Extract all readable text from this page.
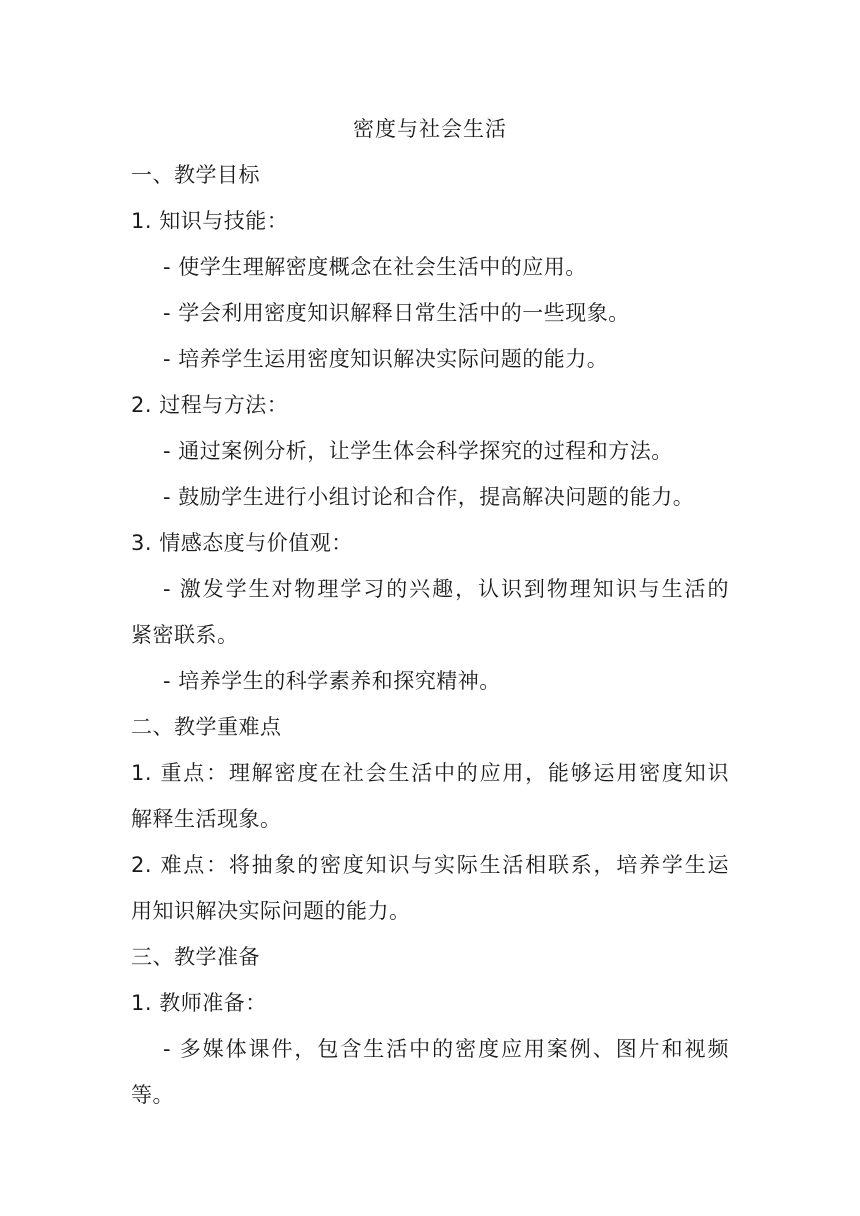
密度与社会生活
一、教学目标
1. 知识与技能：
- 使学生理解密度概念在社会生活中的应用。
- 学会利用密度知识解释日常生活中的一些现象。
- 培养学生运用密度知识解决实际问题的能力。
2. 过程与方法：
- 通过案例分析，让学生体会科学探究的过程和方法。
- 鼓励学生进行小组讨论和合作，提高解决问题的能力。
3. 情感态度与价值观：
- 激发学生对物理学习的兴趣，认识到物理知识与生活的
紧密联系。
- 培养学生的科学素养和探究精神。
二、教学重难点
1. 重点：理解密度在社会生活中的应用，能够运用密度知识
解释生活现象。
2. 难点：将抽象的密度知识与实际生活相联系，培养学生运
用知识解决实际问题的能力。
三、教学准备
1. 教师准备：
- 多媒体课件，包含生活中的密度应用案例、图片和视频
等。
